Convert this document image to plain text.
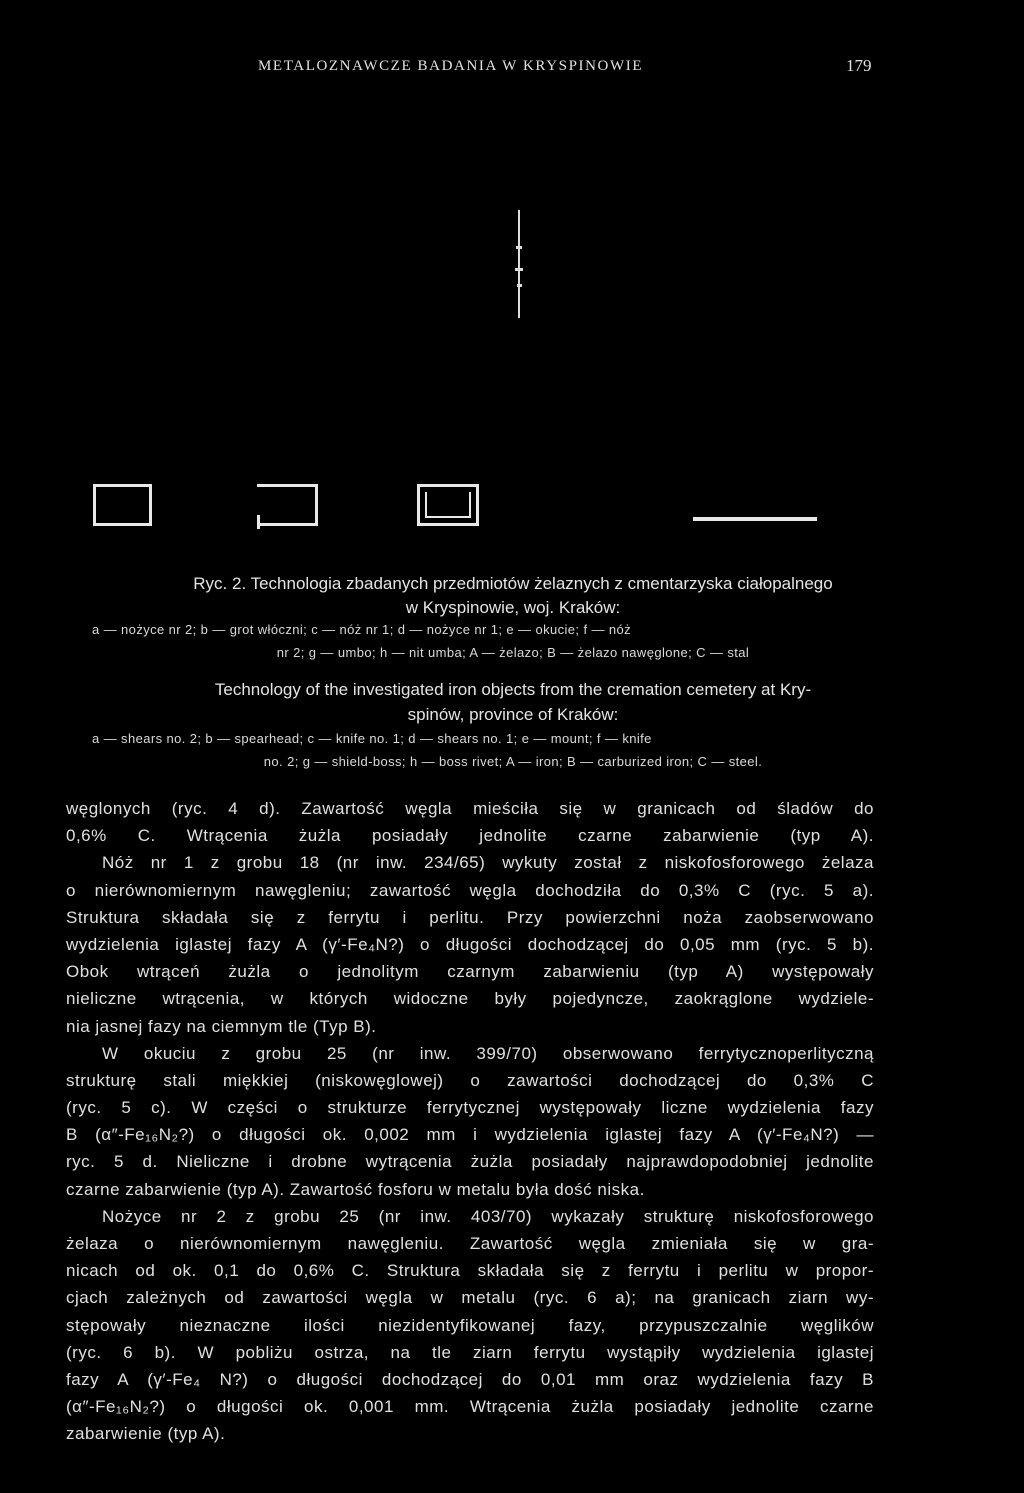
METALOZNAWCZE BADANIA W KRYSPINOWIE	179
Ryc. 2. Technologia zbadanych przedmiotów żelaznych z cmentarzyska ciałopalnego
w Kryspinowie, woj. Kraków:
a — nożyce nr 2; b — grot włóczni; c — nóż nr 1; d — nożyce nr 1; e — okucie; f — nóż
nr 2; g — umbo; h — nit umba; A — żelazo; B — żelazo nawęglone; C — stal
Technology of the investigated iron objects from the cremation cemetery at Kry-
spinów, province of Kraków:
a — shears no. 2; b — spearhead; c — knife no. 1; d — shears no. 1; e — mount; f — knife
no. 2; g — shield-boss; h — boss rivet; A — iron; B — carburized iron; C — steel.
węglonych (ryc. 4 d). Zawartość węgla mieściła się w granicach od śladów do
0,6% C. Wtrącenia żużla posiadały jednolite czarne zabarwienie (typ A).
Nóż nr 1 z grobu 18 (nr inw. 234/65) wykuty został z niskofosforowego żelaza
o nierównomiernym nawęgleniu; zawartość węgla dochodziła do 0,3% C (ryc. 5 a).
Struktura składała się z ferrytu i perlitu. Przy powierzchni noża zaobserwowano
wydzielenia iglastej fazy A (γ′-Fe₄N?) o długości dochodzącej do 0,05 mm (ryc. 5 b).
Obok wtrąceń żużla o jednolitym czarnym zabarwieniu (typ A) występowały
nieliczne wtrącenia, w których widoczne były pojedyncze, zaokrąglone wydziele-
nia jasnej fazy na ciemnym tle (Typ B).
W okuciu z grobu 25 (nr inw. 399/70) obserwowano ferrytycznoperlityczną
strukturę stali miękkiej (niskowęglowej) o zawartości dochodzącej do 0,3% C
(ryc. 5 c). W części o strukturze ferrytycznej występowały liczne wydzielenia fazy
B (α″-Fe₁₆N₂?) o długości ok. 0,002 mm i wydzielenia iglastej fazy A (γ′-Fe₄N?) —
ryc. 5 d. Nieliczne i drobne wytrącenia żużla posiadały najprawdopodobniej jednolite
czarne zabarwienie (typ A). Zawartość fosforu w metalu była dość niska.
Nożyce nr 2 z grobu 25 (nr inw. 403/70) wykazały strukturę niskofosforowego
żelaza o nierównomiernym nawęgleniu. Zawartość węgla zmieniała się w gra-
nicach od ok. 0,1 do 0,6% C. Struktura składała się z ferrytu i perlitu w propor-
cjach zależnych od zawartości węgla w metalu (ryc. 6 a); na granicach ziarn wy-
stępowały nieznaczne ilości niezidentyfikowanej fazy, przypuszczalnie węglików
(ryc. 6 b). W pobliżu ostrza, na tle ziarn ferrytu wystąpiły wydzielenia iglastej
fazy A (γ′-Fe₄ N?) o długości dochodzącej do 0,01 mm oraz wydzielenia fazy B
(α″-Fe₁₆N₂?) o długości ok. 0,001 mm. Wtrącenia żużla posiadały jednolite czarne
zabarwienie (typ A).
